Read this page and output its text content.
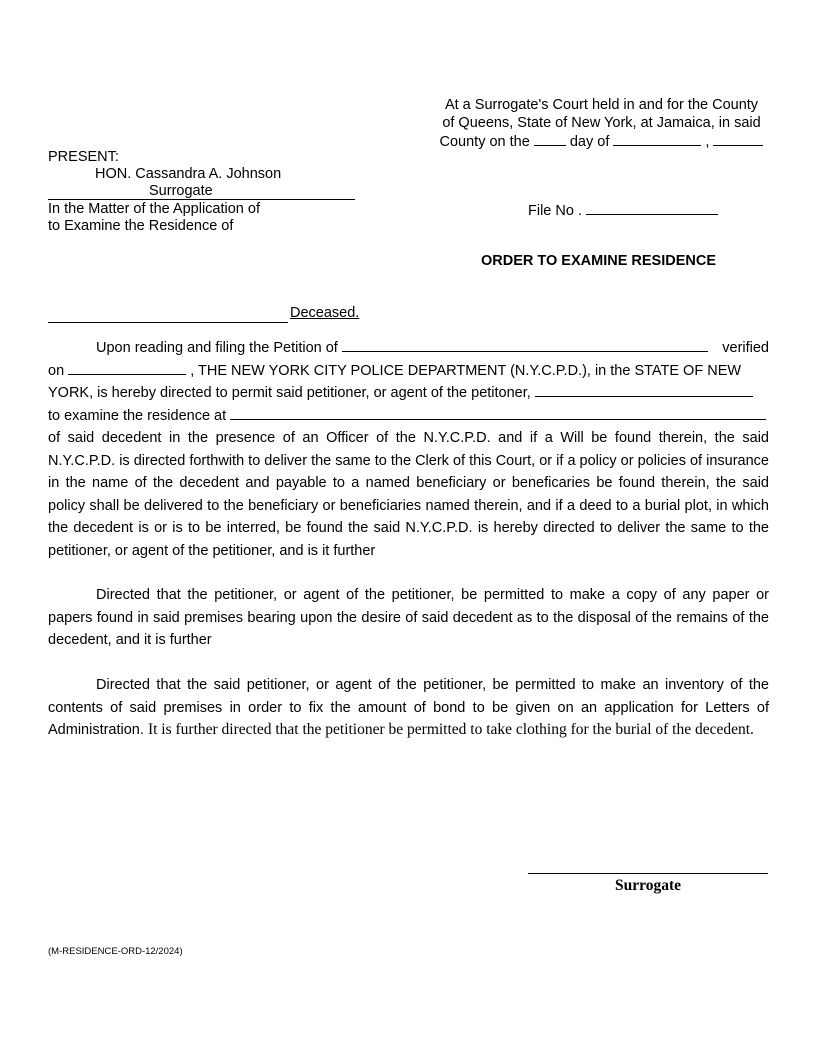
At a Surrogate's Court held in and for the County
of Queens, State of New York, at Jamaica, in said
County on the	day of	,
PRESENT:
HON. Cassandra A. Johnson
Surrogate
In the Matter of the Application of
to Examine the Residence of
File No .
ORDER TO EXAMINE RESIDENCE
Deceased.
Upon reading and filing the Petition of	verified
on	, THE NEW YORK CITY POLICE DEPARTMENT (N.Y.C.P.D.), in the STATE OF NEW
YORK, is hereby directed to permit said petitioner, or agent of the petitoner,
to examine the residence at
of said decedent in the presence of an Officer of the N.Y.C.P.D. and if a Will be found therein, the said N.Y.C.P.D. is directed forthwith to deliver the same to the Clerk of this Court, or if a policy or policies of insurance in the name of the decedent and payable to a named beneficiary or beneficaries be found therein, the said policy shall be delivered to the beneficiary or beneficiaries named therein, and if a deed to a burial plot, in which the decedent is or is to be interred, be found the said N.Y.C.P.D. is hereby directed to deliver the same to the petitioner, or agent of the petitioner, and is it further
Directed that the petitioner, or agent of the petitioner, be permitted to make a copy of any paper or papers found in said premises bearing upon the desire of said decedent as to the disposal of the remains of the decedent, and it is further
Directed that the said petitioner, or agent of the petitioner, be permitted to make an inventory of the contents of said premises in order to fix the amount of bond to be given on an application for Letters of Administration. It is further directed that the petitioner be permitted to take clothing for the burial of the decedent.
Surrogate
(M-RESIDENCE-ORD-12/2024)
